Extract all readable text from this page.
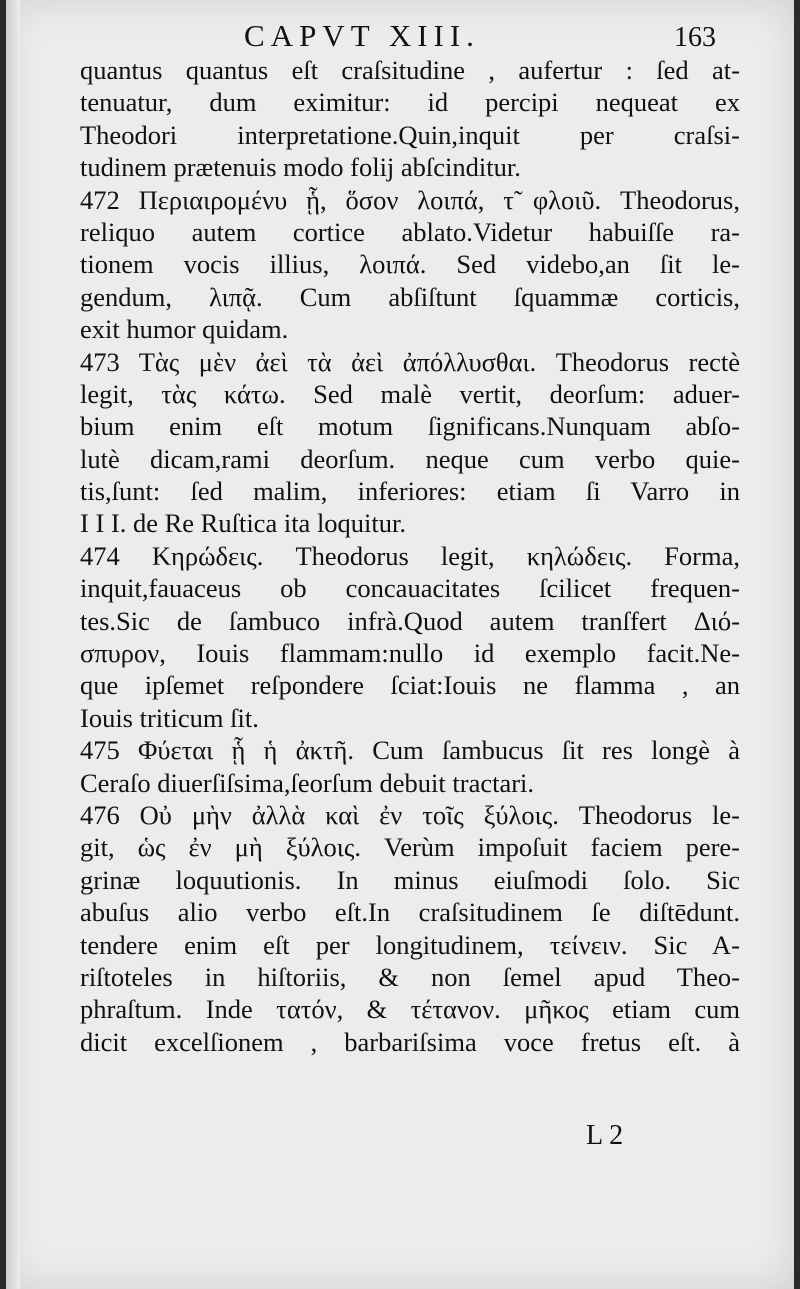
CAPVT XIII.	163
quantus quantus eſt craſsitudine , aufertur : ſed at-
tenuatur, dum eximitur: id percipi nequeat ex
Theodori interpretatione.Quin,inquit per craſsi-
tudinem prætenuis modo folij abſcinditur.
472 Περιαιρομένυ ᾗ, ὅσον λοιπά, τ̃ φλοιῦ. Theodorus,
reliquo autem cortice ablato.Videtur habuiſſe ra-
tionem vocis illius, λοιπά. Sed videbo,an ſit le-
gendum, λιπᾷ. Cum abſiſtunt ſquammæ corticis,
exit humor quidam.
473 Τὰς μὲν ἀεὶ τὰ ἀεὶ ἀπόλλυσθαι. Theodorus rectè
legit, τὰς κάτω. Sed malè vertit, deorſum: aduer-
bium enim eſt motum ſignificans.Nunquam abſo-
lutè dicam,rami deorſum. neque cum verbo quie-
tis,ſunt: ſed malim, inferiores: etiam ſi Varro in
I I I. de Re Ruſtica ita loquitur.
474 Κηρώδεις. Theodorus legit, κηλώδεις. Forma,
inquit,fauaceus ob concauacitates ſcilicet frequen-
tes.Sic de ſambuco infrà.Quod autem tranſfert Διό-
σπυρον, Iouis flammam:nullo id exemplo facit.Ne-
que ipſemet reſpondere ſciat:Iouis ne flamma , an
Iouis triticum ſit.
475 Φύεται ᾗ ἡ ἀκτῆ. Cum ſambucus ſit res longè à
Ceraſo diuerſiſsima,ſeorſum debuit tractari.
476 Οὐ μὴν ἀλλὰ καὶ ἐν τοῖς ξύλοις. Theodorus le-
git, ὡς ἐν μὴ ξύλοις. Verùm impoſuit faciem pere-
grinæ loquutionis. In minus eiuſmodi ſolo. Sic
abuſus alio verbo eſt.In craſsitudinem ſe diſtēdunt.
tendere enim eſt per longitudinem, τείνειν. Sic A-
riſtoteles in hiſtoriis, & non ſemel apud Theo-
phraſtum. Inde τατόν, & τέτανον. μῆκος etiam cum
dicit excelſionem , barbariſsima voce fretus eſt. à
L 2
